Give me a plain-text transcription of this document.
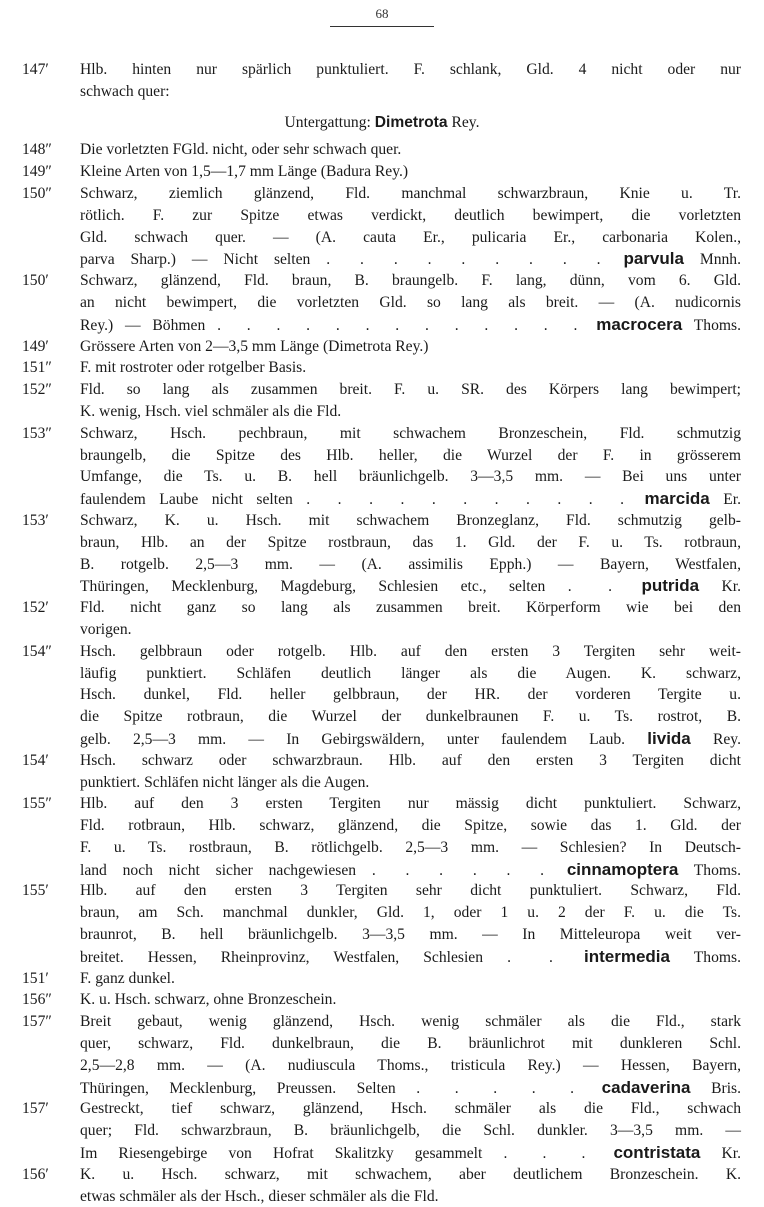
68
147′	Hlb. hinten nur spärlich punktuliert. F. schlank, Gld. 4 nicht oder nur
schwach quer:
Untergattung: Dimetrota Rey.
148″	Die vorletzten FGld. nicht, oder sehr schwach quer.
149″	Kleine Arten von 1,5—1,7 mm Länge (Badura Rey.)
150″	Schwarz, ziemlich glänzend, Fld. manchmal schwarzbraun, Knie u. Tr.
rötlich. F. zur Spitze etwas verdickt, deutlich bewimpert, die vorletzten
Gld. schwach quer. — (A. cauta Er., pulicaria Er., carbonaria Kolen.,
parva Sharp.) — Nicht selten . . . . . . . . . parvula Mnnh.
150′	Schwarz, glänzend, Fld. braun, B. braungelb. F. lang, dünn, vom 6. Gld.
an nicht bewimpert, die vorletzten Gld. so lang als breit. — (A. nudicornis
Rey.) — Böhmen . . . . . . . . . . . . . macrocera Thoms.
149′	Grössere Arten von 2—3,5 mm Länge (Dimetrota Rey.)
151″	F. mit rostroter oder rotgelber Basis.
152″	Fld. so lang als zusammen breit. F. u. SR. des Körpers lang bewimpert;
K. wenig, Hsch. viel schmäler als die Fld.
153″	Schwarz, Hsch. pechbraun, mit schwachem Bronzeschein, Fld. schmutzig
braungelb, die Spitze des Hlb. heller, die Wurzel der F. in grösserem
Umfange, die Ts. u. B. hell bräunlichgelb. 3—3,5 mm. — Bei uns unter
faulendem Laube nicht selten . . . . . . . . . . . marcida Er.
153′	Schwarz, K. u. Hsch. mit schwachem Bronzeglanz, Fld. schmutzig gelb-
braun, Hlb. an der Spitze rostbraun, das 1. Gld. der F. u. Ts. rotbraun,
B. rotgelb. 2,5—3 mm. — (A. assimilis Epph.) — Bayern, Westfalen,
Thüringen, Mecklenburg, Magdeburg, Schlesien etc., selten . . putrida Kr.
152′	Fld. nicht ganz so lang als zusammen breit. Körperform wie bei den
vorigen.
154″	Hsch. gelbbraun oder rotgelb. Hlb. auf den ersten 3 Tergiten sehr weit-
läufig punktiert. Schläfen deutlich länger als die Augen. K. schwarz,
Hsch. dunkel, Fld. heller gelbbraun, der HR. der vorderen Tergite u.
die Spitze rotbraun, die Wurzel der dunkelbraunen F. u. Ts. rostrot, B.
gelb. 2,5—3 mm. — In Gebirgswäldern, unter faulendem Laub. livida Rey.
154′	Hsch. schwarz oder schwarzbraun. Hlb. auf den ersten 3 Tergiten dicht
punktiert. Schläfen nicht länger als die Augen.
155″	Hlb. auf den 3 ersten Tergiten nur mässig dicht punktuliert. Schwarz,
Fld. rotbraun, Hlb. schwarz, glänzend, die Spitze, sowie das 1. Gld. der
F. u. Ts. rostbraun, B. rötlichgelb. 2,5—3 mm. — Schlesien? In Deutsch-
land noch nicht sicher nachgewiesen . . . . . . cinnamoptera Thoms.
155′	Hlb. auf den ersten 3 Tergiten sehr dicht punktuliert. Schwarz, Fld.
braun, am Sch. manchmal dunkler, Gld. 1, oder 1 u. 2 der F. u. die Ts.
braunrot, B. hell bräunlichgelb. 3—3,5 mm. — In Mitteleuropa weit ver-
breitet. Hessen, Rheinprovinz, Westfalen, Schlesien . . intermedia Thoms.
151′	F. ganz dunkel.
156″	K. u. Hsch. schwarz, ohne Bronzeschein.
157″	Breit gebaut, wenig glänzend, Hsch. wenig schmäler als die Fld., stark
quer, schwarz, Fld. dunkelbraun, die B. bräunlichrot mit dunkleren Schl.
2,5—2,8 mm. — (A. nudiuscula Thoms., tristicula Rey.) — Hessen, Bayern,
Thüringen, Mecklenburg, Preussen. Selten . . . . . cadaverina Bris.
157′	Gestreckt, tief schwarz, glänzend, Hsch. schmäler als die Fld., schwach
quer; Fld. schwarzbraun, B. bräunlichgelb, die Schl. dunkler. 3—3,5 mm. —
Im Riesengebirge von Hofrat Skalitzky gesammelt . . . contristata Kr.
156′	K. u. Hsch. schwarz, mit schwachem, aber deutlichem Bronzeschein. K.
etwas schmäler als der Hsch., dieser schmäler als die Fld.
